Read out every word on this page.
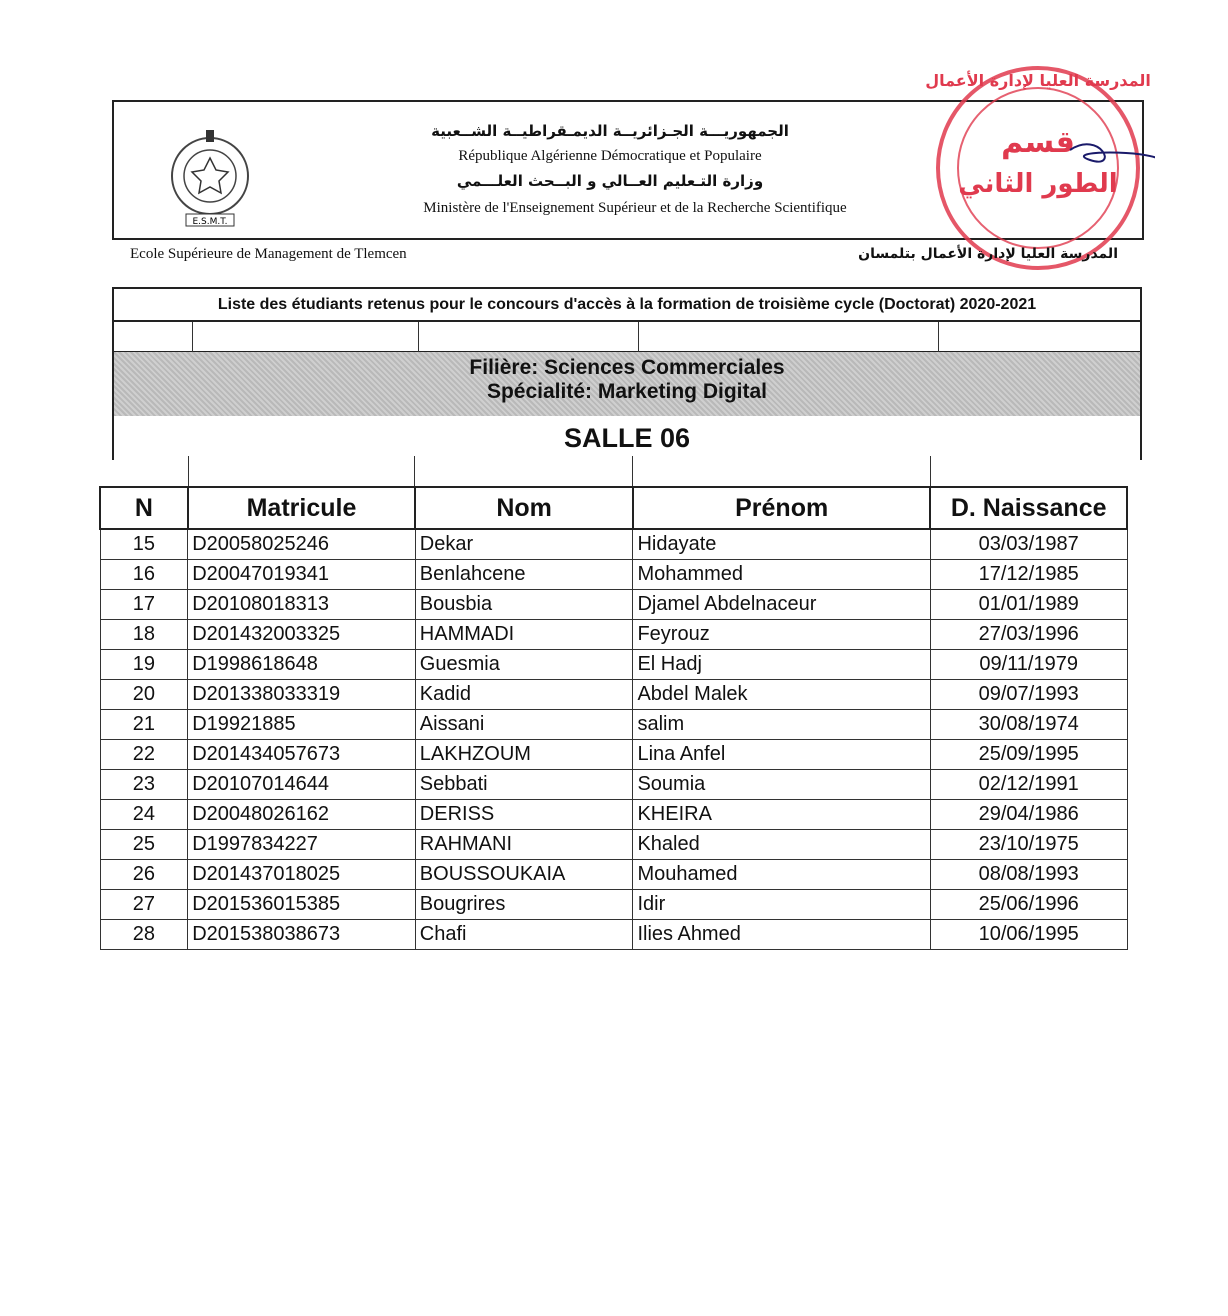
E.S.M.T.
الجمهوريـــة الجـزائريــة الديمـقراطيــة الشــعبية
République Algérienne Démocratique et Populaire
وزارة التـعليم العــالي و البــحث العلـــمي
Ministère de l'Enseignement Supérieur et de la Recherche Scientifique
المدرسة العليا لإدارة الأعمال
قسم
الطور الثاني
Ecole Supérieure de Management de Tlemcen	المدرسة العليا لإدارة الأعمال بتلمسان
Liste des étudiants retenus pour le concours d'accès à la formation de troisième cycle (Doctorat) 2020-2021
Filière: Sciences Commerciales
Spécialité: Marketing Digital
SALLE 06
N	Matricule	Nom	Prénom	D. Naissance
15	D20058025246	Dekar	Hidayate	03/03/1987
16	D20047019341	Benlahcene	Mohammed	17/12/1985
17	D20108018313	Bousbia	Djamel Abdelnaceur	01/01/1989
18	D201432003325	HAMMADI	Feyrouz	27/03/1996
19	D1998618648	Guesmia	El Hadj	09/11/1979
20	D201338033319	Kadid	Abdel Malek	09/07/1993
21	D19921885	Aissani	salim	30/08/1974
22	D201434057673	LAKHZOUM	Lina Anfel	25/09/1995
23	D20107014644	Sebbati	Soumia	02/12/1991
24	D20048026162	DERISS	KHEIRA	29/04/1986
25	D1997834227	RAHMANI	Khaled	23/10/1975
26	D201437018025	BOUSSOUKAIA	Mouhamed	08/08/1993
27	D201536015385	Bougrires	Idir	25/06/1996
28	D201538038673	Chafi	Ilies Ahmed	10/06/1995
